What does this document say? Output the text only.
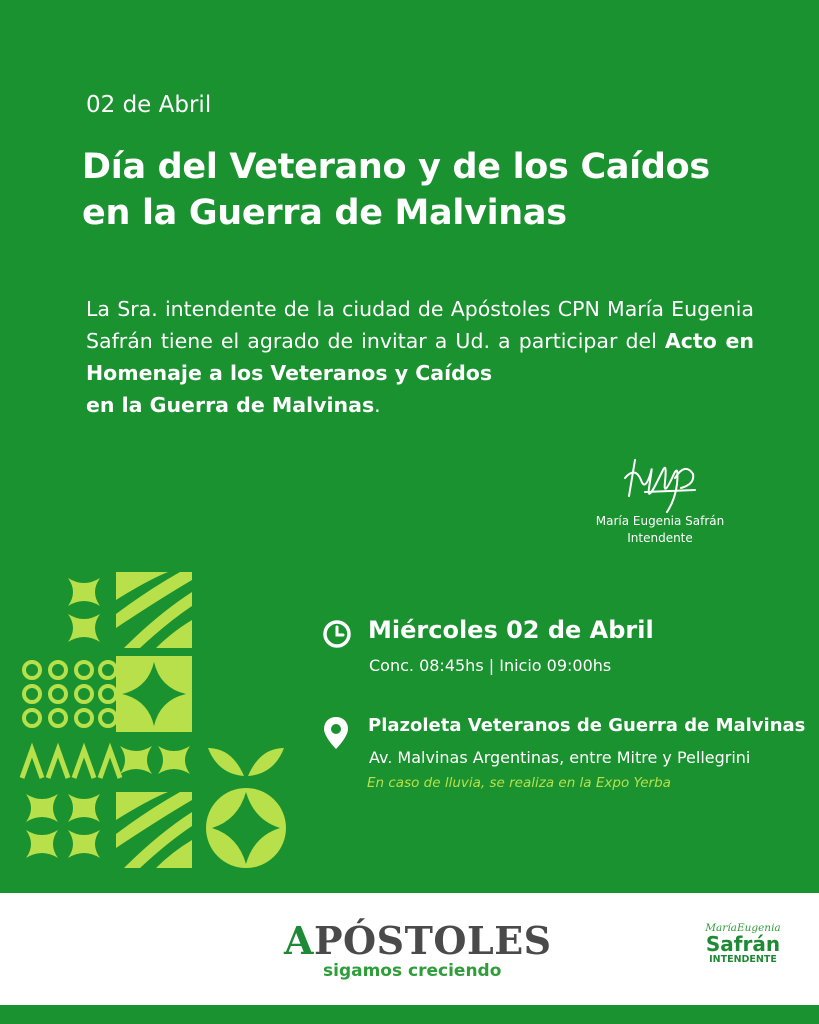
02 de Abril
Día del Veterano y de los Caídos
en la Guerra de Malvinas
La Sra. intendente de la ciudad de Apóstoles CPN María Eugenia Safrán tiene el agrado de invitar a Ud. a participar del Acto en Homenaje a los Veteranos y Caídos
en la Guerra de Malvinas.
María Eugenia Safrán
Intendente
Miércoles 02 de Abril
Conc. 08:45hs | Inicio 09:00hs
Plazoleta Veteranos de Guerra de Malvinas
Av. Malvinas Argentinas, entre Mitre y Pellegrini
En caso de lluvia, se realiza en la Expo Yerba
APÓSTOLES
sigamos creciendo
MaríaEugenia
Safrán
INTENDENTE
